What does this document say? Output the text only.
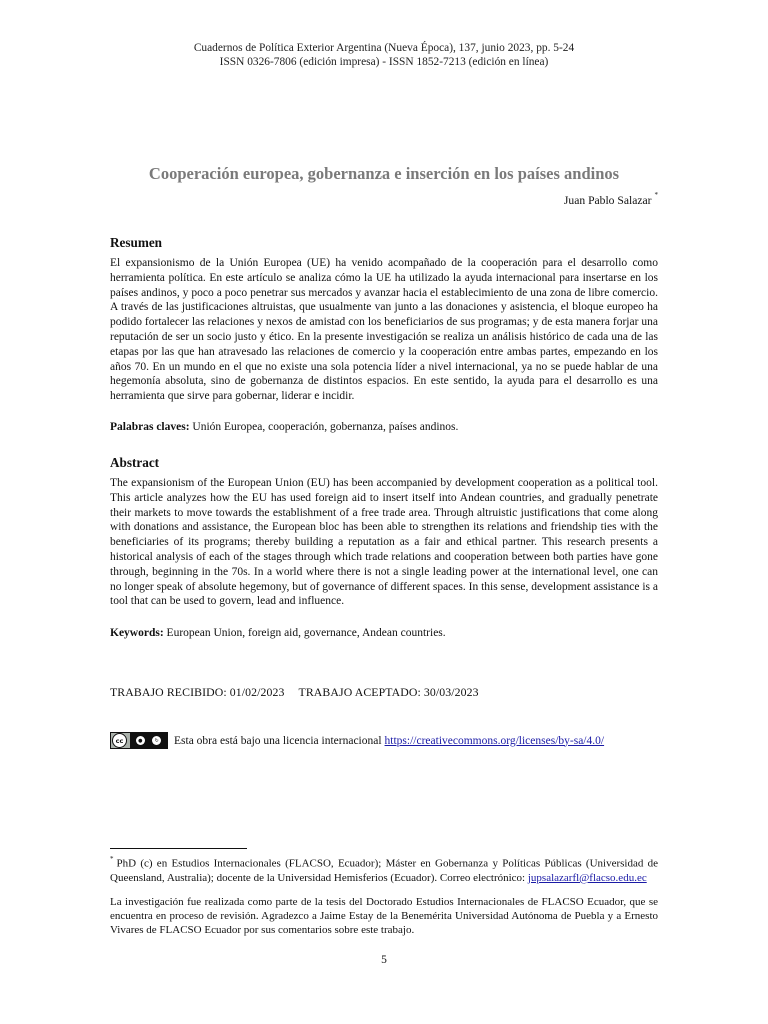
Cuadernos de Política Exterior Argentina (Nueva Época), 137, junio 2023, pp. 5-24
ISSN 0326-7806 (edición impresa) - ISSN 1852-7213 (edición en línea)
Cooperación europea, gobernanza e inserción en los países andinos
Juan Pablo Salazar *
Resumen
El expansionismo de la Unión Europea (UE) ha venido acompañado de la cooperación para el desarrollo como herramienta política. En este artículo se analiza cómo la UE ha utilizado la ayuda internacional para insertarse en los países andinos, y poco a poco penetrar sus mercados y avanzar hacia el establecimiento de una zona de libre comercio. A través de las justificaciones altruistas, que usualmente van junto a las donaciones y asistencia, el bloque europeo ha podido fortalecer las relaciones y nexos de amistad con los beneficiarios de sus programas; y de esta manera forjar una reputación de ser un socio justo y ético. En la presente investigación se realiza un análisis histórico de cada una de las etapas por las que han atravesado las relaciones de comercio y la cooperación entre ambas partes, empezando en los años 70. En un mundo en el que no existe una sola potencia líder a nivel internacional, ya no se puede hablar de una hegemonía absoluta, sino de gobernanza de distintos espacios. En este sentido, la ayuda para el desarrollo es una herramienta que sirve para gobernar, liderar e incidir.
Palabras claves: Unión Europea, cooperación, gobernanza, países andinos.
Abstract
The expansionism of the European Union (EU) has been accompanied by development cooperation as a political tool. This article analyzes how the EU has used foreign aid to insert itself into Andean countries, and gradually penetrate their markets to move towards the establishment of a free trade area. Through altruistic justifications that come along with donations and assistance, the European bloc has been able to strengthen its relations and friendship ties with the beneficiaries of its programs; thereby building a reputation as a fair and ethical partner. This research presents a historical analysis of each of the stages through which trade relations and cooperation between both parties have gone through, beginning in the 70s. In a world where there is not a single leading power at the international level, one can no longer speak of absolute hegemony, but of governance of different spaces. In this sense, development assistance is a tool that can be used to govern, lead and influence.
Keywords: European Union, foreign aid, governance, Andean countries.
TRABAJO RECIBIDO: 01/02/2023 TRABAJO ACEPTADO: 30/03/2023
cc	●	↻ Esta obra está bajo una licencia internacional https://creativecommons.org/licenses/by-sa/4.0/
* PhD (c) en Estudios Internacionales (FLACSO, Ecuador); Máster en Gobernanza y Políticas Públicas (Universidad de Queensland, Australia); docente de la Universidad Hemisferios (Ecuador). Correo electrónico: jupsalazarfl@flacso.edu.ec
La investigación fue realizada como parte de la tesis del Doctorado Estudios Internacionales de FLACSO Ecuador, que se encuentra en proceso de revisión. Agradezco a Jaime Estay de la Benemérita Universidad Autónoma de Puebla y a Ernesto Vivares de FLACSO Ecuador por sus comentarios sobre este trabajo.
5
